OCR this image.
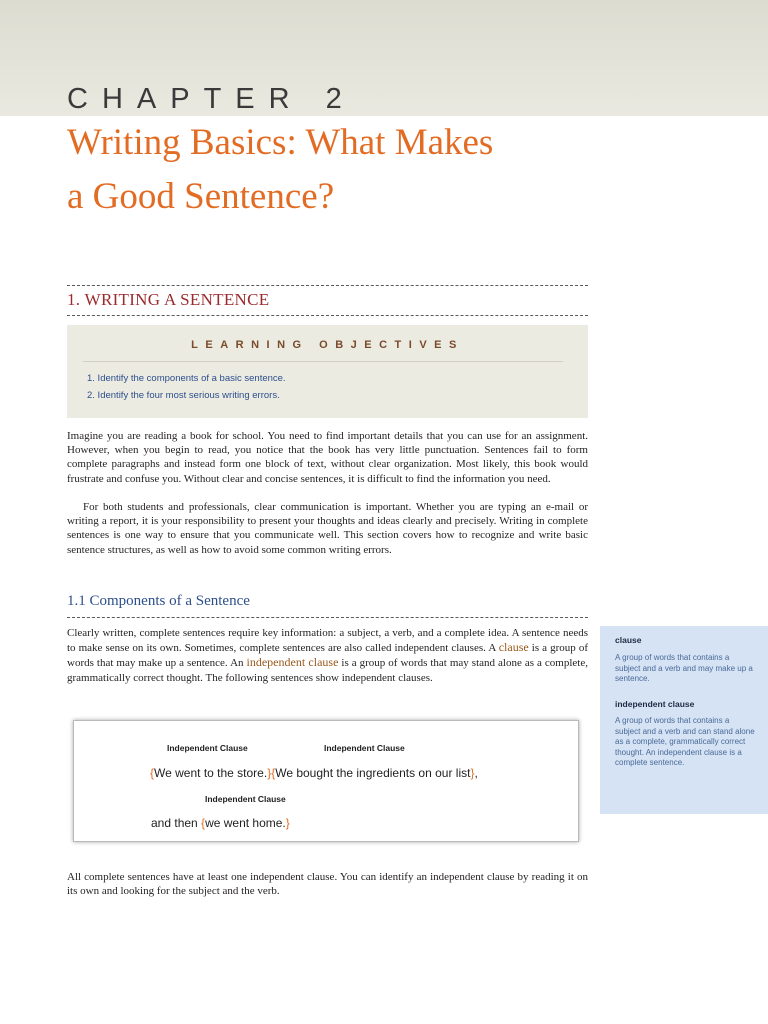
CHAPTER 2
Writing Basics: What Makes
a Good Sentence?
1. WRITING A SENTENCE
LEARNING OBJECTIVES
1. Identify the components of a basic sentence.
2. Identify the four most serious writing errors.

Imagine you are reading a book for school. You need to find important details that you can use for an assignment. However, when you begin to read, you notice that the book has very little punctuation. Sentences fail to form complete paragraphs and instead form one block of text, without clear organization. Most likely, this book would frustrate and confuse you. Without clear and concise sentences, it is difficult to find the information you need.

For both students and professionals, clear communication is important. Whether you are typing an e-mail or writing a report, it is your responsibility to present your thoughts and ideas clearly and precisely. Writing in complete sentences is one way to ensure that you communicate well. This section covers how to recognize and write basic sentence structures, as well as how to avoid some common writing errors.

1.1 Components of a Sentence

Clearly written, complete sentences require key information: a subject, a verb, and a complete idea. A sentence needs to make sense on its own. Sometimes, complete sentences are also called independent clauses. A clause is a group of words that may make up a sentence. An independent clause is a group of words that may stand alone as a complete, grammatically correct thought. The following sentences show independent clauses.

clause
A group of words that contains a subject and a verb and may make up a sentence.
independent clause
A group of words that contains a subject and a verb and can stand alone as a complete, grammatically correct thought. An independent clause is a complete sentence.
Independent Clause	Independent Clause
{We went to the store.}{We bought the ingredients on our list},
Independent Clause
and then {we went home.}

All complete sentences have at least one independent clause. You can identify an independent clause by reading it on its own and looking for the subject and the verb.
